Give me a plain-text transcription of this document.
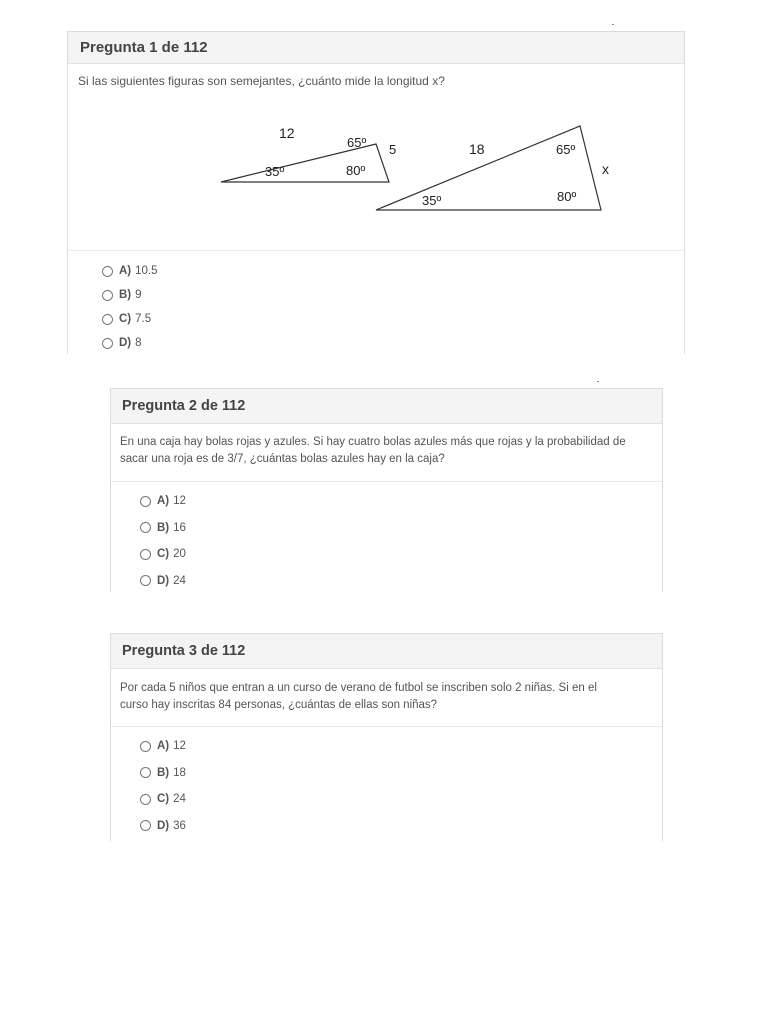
Pregunta 1 de 112
Si las siguientes figuras son semejantes, ¿cuánto mide la longitud x?
12
65º 5
35º	80º
18	65º
x
35º	80º
A) 10.5
B) 9
C) 7.5
D) 8
Pregunta 2 de 112
En una caja hay bolas rojas y azules. Si hay cuatro bolas azules más que rojas y la probabilidad de
sacar una roja es de 3/7, ¿cuántas bolas azules hay en la caja?
A) 12
B) 16
C) 20
D) 24
Pregunta 3 de 112
Por cada 5 niños que entran a un curso de verano de futbol se inscriben solo 2 niñas. Si en el
curso hay inscritas 84 personas, ¿cuántas de ellas son niñas?
A) 12
B) 18
C) 24
D) 36
